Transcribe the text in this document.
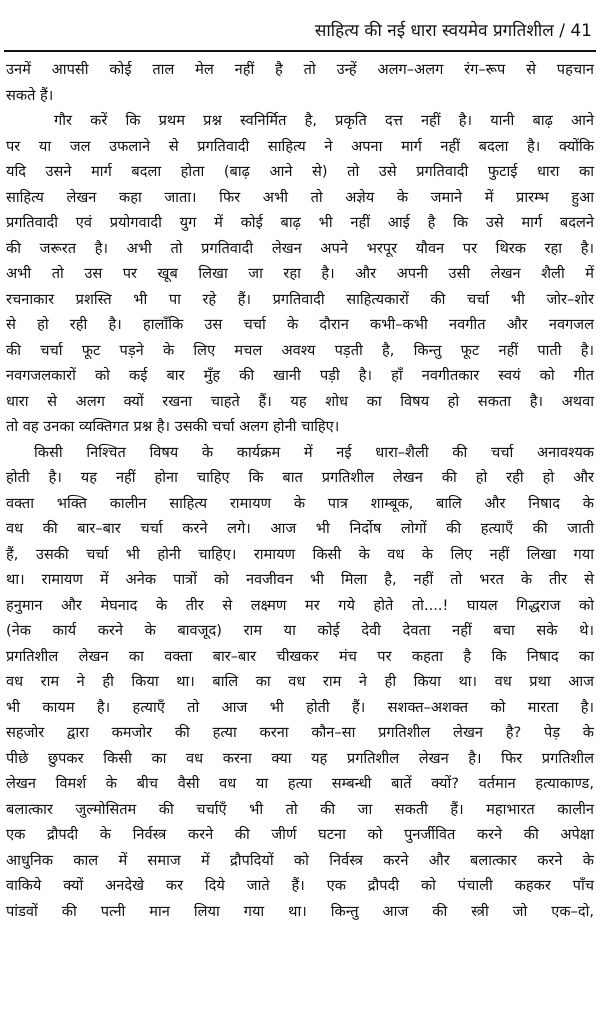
साहित्य की नई धारा स्वयमेव प्रगतिशील / 41
उनमें आपसी कोई ताल मेल नहीं है तो उन्हें अलग–अलग रंग–रूप से पहचान
सकते हैं।
गौर करें कि प्रथम प्रश्न स्वनिर्मित है, प्रकृति दत्त नहीं है। यानी बाढ़ आने
पर या जल उफलाने से प्रगतिवादी साहित्य ने अपना मार्ग नहीं बदला है। क्योंकि
यदि उसने मार्ग बदला होता (बाढ़ आने से) तो उसे प्रगतिवादी फुटाई धारा का
साहित्य लेखन कहा जाता। फिर अभी तो अज्ञेय के जमाने में प्रारम्भ हुआ
प्रगतिवादी एवं प्रयोगवादी युग में कोई बाढ़ भी नहीं आई है कि उसे मार्ग बदलने
की जरूरत है। अभी तो प्रगतिवादी लेखन अपने भरपूर यौवन पर थिरक रहा है।
अभी तो उस पर खूब लिखा जा रहा है। और अपनी उसी लेखन शैली में
रचनाकार प्रशस्ति भी पा रहे हैं। प्रगतिवादी साहित्यकारों की चर्चा भी जोर–शोर
से हो रही है। हालाँकि उस चर्चा के दौरान कभी–कभी नवगीत और नवगजल
की चर्चा फूट पड़ने के लिए मचल अवश्य पड़ती है, किन्तु फूट नहीं पाती है।
नवगजलकारों को कई बार मुँह की खानी पड़ी है। हाँ नवगीतकार स्वयं को गीत
धारा से अलग क्यों रखना चाहते हैं। यह शोध का विषय हो सकता है। अथवा
तो वह उनका व्यक्तिगत प्रश्न है। उसकी चर्चा अलग होनी चाहिए।
किसी निश्चित विषय के कार्यक्रम में नई धारा–शैली की चर्चा अनावश्यक
होती है। यह नहीं होना चाहिए कि बात प्रगतिशील लेखन की हो रही हो और
वक्ता भक्ति कालीन साहित्य रामायण के पात्र शाम्बूक, बालि और निषाद के
वध की बार–बार चर्चा करने लगे। आज भी निर्दोष लोगों की हत्याएँ की जाती
हैं, उसकी चर्चा भी होनी चाहिए। रामायण किसी के वध के लिए नहीं लिखा गया
था। रामायण में अनेक पात्रों को नवजीवन भी मिला है, नहीं तो भरत के तीर से
हनुमान और मेघनाद के तीर से लक्ष्मण मर गये होते तो....! घायल गिद्धराज को
(नेक कार्य करने के बावजूद) राम या कोई देवी देवता नहीं बचा सके थे।
प्रगतिशील लेखन का वक्ता बार–बार चीखकर मंच पर कहता है कि निषाद का
वध राम ने ही किया था। बालि का वध राम ने ही किया था। वध प्रथा आज
भी कायम है। हत्याएँ तो आज भी होती हैं। सशक्त–अशक्त को मारता है।
सहजोर द्वारा कमजोर की हत्या करना कौन–सा प्रगतिशील लेखन है? पेड़ के
पीछे छुपकर किसी का वध करना क्या यह प्रगतिशील लेखन है। फिर प्रगतिशील
लेखन विमर्श के बीच वैसी वध या हत्या सम्बन्धी बातें क्यों? वर्तमान हत्याकाण्ड,
बलात्कार जुल्मोसितम की चर्चाएँ भी तो की जा सकती हैं। महाभारत कालीन
एक द्रौपदी के निर्वस्त्र करने की जीर्ण घटना को पुनर्जीवित करने की अपेक्षा
आधुनिक काल में समाज में द्रौपदियों को निर्वस्त्र करने और बलात्कार करने के
वाकिये क्यों अनदेखे कर दिये जाते हैं। एक द्रौपदी को पंचाली कहकर पाँच
पांडवों की पत्नी मान लिया गया था। किन्तु आज की स्त्री जो एक–दो,
